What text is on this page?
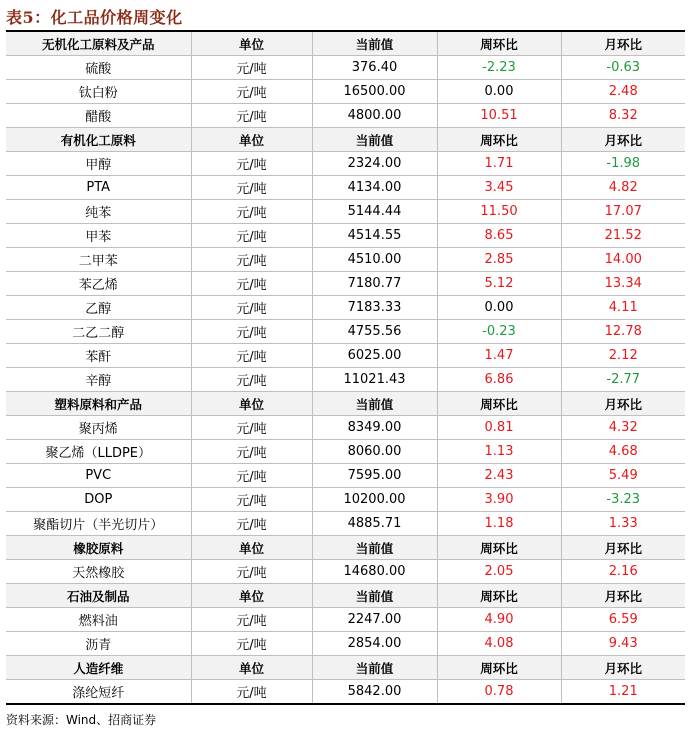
表5：化工品价格周变化
无机化工原料及产品	单位	当前值	周环比	月环比
硫酸	元/吨	376.40	-2.23	-0.63
钛白粉	元/吨	16500.00	0.00	2.48
醋酸	元/吨	4800.00	10.51	8.32
有机化工原料	单位	当前值	周环比	月环比
甲醇	元/吨	2324.00	1.71	-1.98
PTA	元/吨	4134.00	3.45	4.82
纯苯	元/吨	5144.44	11.50	17.07
甲苯	元/吨	4514.55	8.65	21.52
二甲苯	元/吨	4510.00	2.85	14.00
苯乙烯	元/吨	7180.77	5.12	13.34
乙醇	元/吨	7183.33	0.00	4.11
二乙二醇	元/吨	4755.56	-0.23	12.78
苯酐	元/吨	6025.00	1.47	2.12
辛醇	元/吨	11021.43	6.86	-2.77
塑料原料和产品	单位	当前值	周环比	月环比
聚丙烯	元/吨	8349.00	0.81	4.32
聚乙烯（LLDPE）	元/吨	8060.00	1.13	4.68
PVC	元/吨	7595.00	2.43	5.49
DOP	元/吨	10200.00	3.90	-3.23
聚酯切片（半光切片）	元/吨	4885.71	1.18	1.33
橡胶原料	单位	当前值	周环比	月环比
天然橡胶	元/吨	14680.00	2.05	2.16
石油及制品	单位	当前值	周环比	月环比
燃料油	元/吨	2247.00	4.90	6.59
沥青	元/吨	2854.00	4.08	9.43
人造纤维	单位	当前值	周环比	月环比
涤纶短纤	元/吨	5842.00	0.78	1.21
资料来源：Wind、招商证券
